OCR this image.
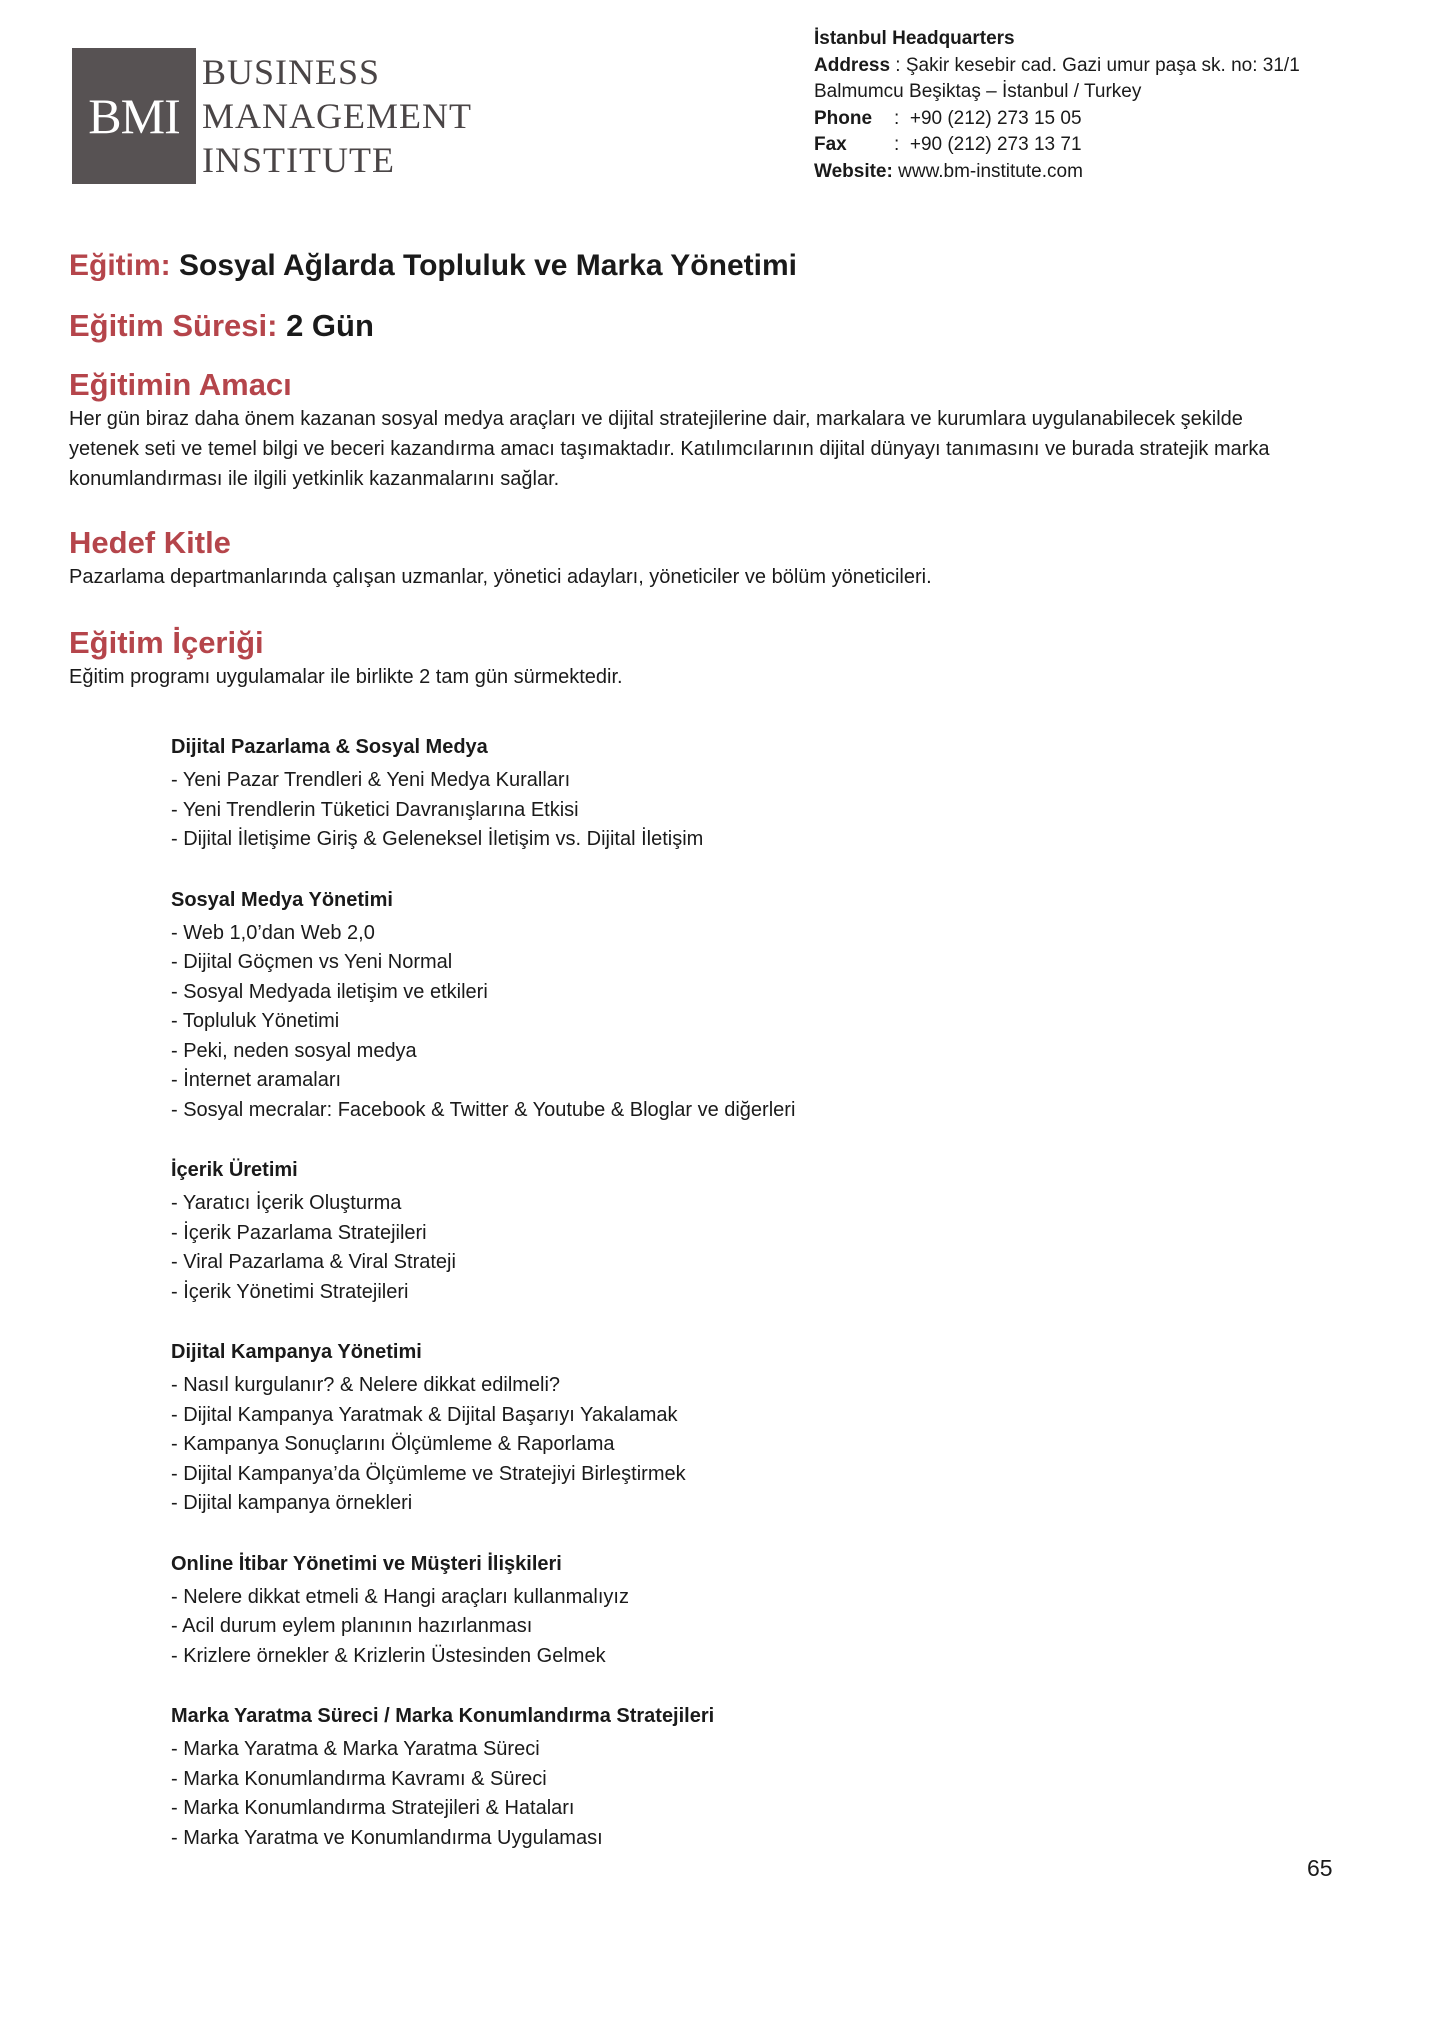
BMI
BUSINESS
MANAGEMENT
INSTITUTE
İstanbul Headquarters
Address : Şakir kesebir cad. Gazi umur paşa sk. no: 31/1
Balmumcu Beşiktaş – İstanbul / Turkey
Phone :  +90 (212) 273 15 05
Fax :  +90 (212) 273 13 71
Website: www.bm-institute.com

Eğitim: Sosyal Ağlarda Topluluk ve Marka Yönetimi

Eğitim Süresi: 2 Gün

Eğitimin Amacı

Her gün biraz daha önem kazanan sosyal medya araçları ve dijital stratejilerine dair, markalara ve kurumlara uygulanabilecek şekilde yetenek seti ve temel bilgi ve beceri kazandırma amacı taşımaktadır. Katılımcılarının dijital dünyayı tanımasını ve burada stratejik marka konumlandırması ile ilgili yetkinlik kazanmalarını sağlar.

Hedef Kitle

Pazarlama departmanlarında çalışan uzmanlar, yönetici adayları, yöneticiler ve bölüm yöneticileri.

Eğitim İçeriği

Eğitim programı uygulamalar ile birlikte 2 tam gün sürmektedir.

Dijital Pazarlama & Sosyal Medya

- Yeni Pazar Trendleri & Yeni Medya Kuralları
- Yeni Trendlerin Tüketici Davranışlarına Etkisi
- Dijital İletişime Giriş & Geleneksel İletişim vs. Dijital İletişim

Sosyal Medya Yönetimi

- Web 1,0’dan Web 2,0
- Dijital Göçmen vs Yeni Normal
- Sosyal Medyada iletişim ve etkileri
- Topluluk Yönetimi
- Peki, neden sosyal medya
- İnternet aramaları
- Sosyal mecralar: Facebook & Twitter & Youtube & Bloglar ve diğerleri

İçerik Üretimi

- Yaratıcı İçerik Oluşturma
- İçerik Pazarlama Stratejileri
- Viral Pazarlama & Viral Strateji
- İçerik Yönetimi Stratejileri

Dijital Kampanya Yönetimi

- Nasıl kurgulanır? & Nelere dikkat edilmeli?
- Dijital Kampanya Yaratmak & Dijital Başarıyı Yakalamak
- Kampanya Sonuçlarını Ölçümleme & Raporlama
- Dijital Kampanya’da Ölçümleme ve Stratejiyi Birleştirmek
- Dijital kampanya örnekleri

Online İtibar Yönetimi ve Müşteri İlişkileri

- Nelere dikkat etmeli & Hangi araçları kullanmalıyız
- Acil durum eylem planının hazırlanması
- Krizlere örnekler & Krizlerin Üstesinden Gelmek

Marka Yaratma Süreci / Marka Konumlandırma Stratejileri

- Marka Yaratma & Marka Yaratma Süreci
- Marka Konumlandırma Kavramı & Süreci
- Marka Konumlandırma Stratejileri & Hataları
- Marka Yaratma ve Konumlandırma Uygulaması
65
